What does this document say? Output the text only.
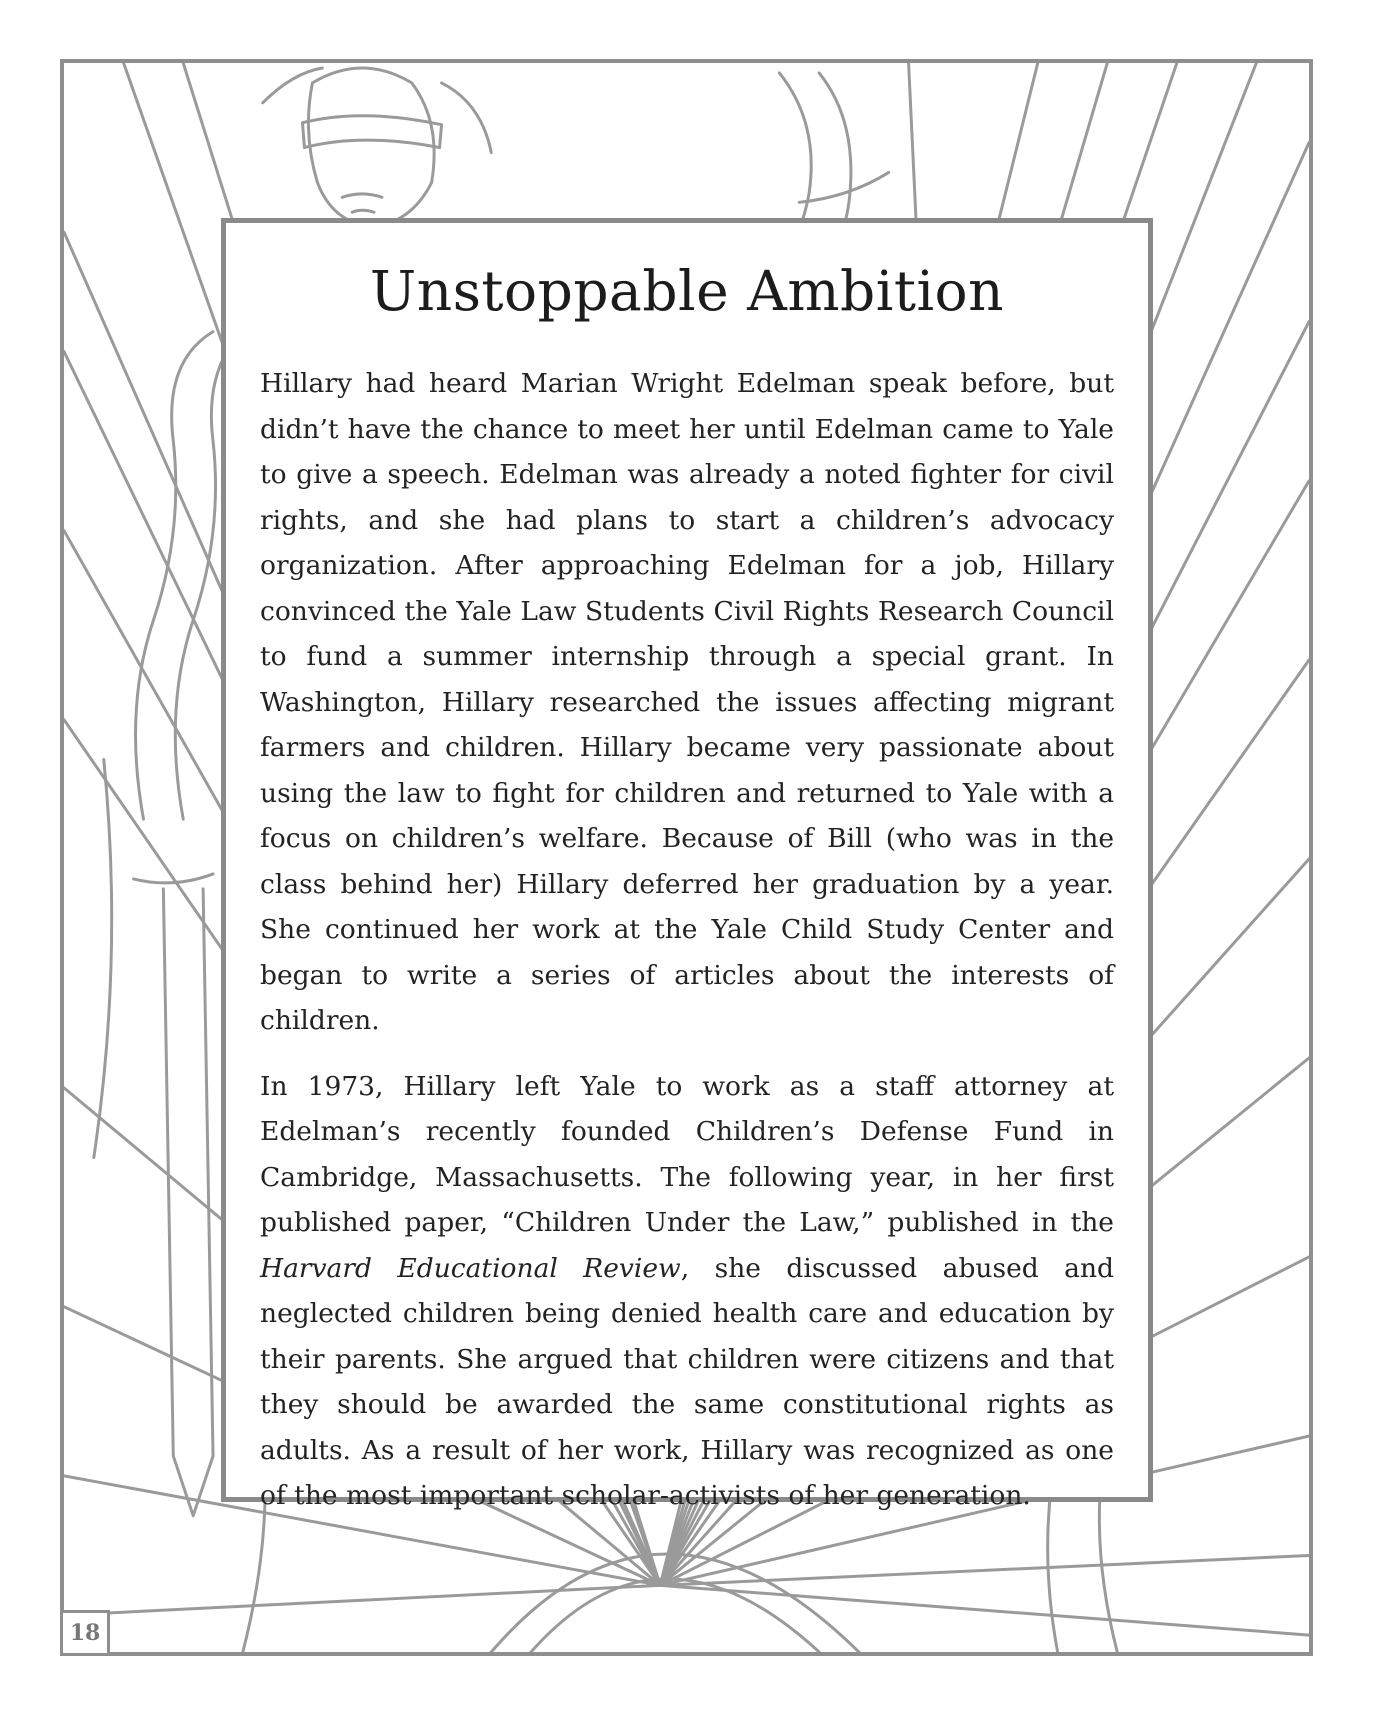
Unstoppable Ambition

Hillary had heard Marian Wright Edelman speak before, but didn’t have the chance to meet her until Edelman came to Yale to give a speech. Edelman was already a noted fighter for civil rights, and she had plans to start a children’s advocacy organization. After approaching Edelman for a job, Hillary convinced the Yale Law Students Civil Rights Research Council to fund a summer internship through a special grant. In Washington, Hillary researched the issues affecting migrant farmers and children. Hillary became very passionate about using the law to fight for children and returned to Yale with a focus on children’s welfare. Because of Bill (who was in the class behind her) Hillary deferred her graduation by a year. She continued her work at the Yale Child Study Center and began to write a series of articles about the interests of children.

In 1973, Hillary left Yale to work as a staff attorney at Edelman’s recently founded Children’s Defense Fund in Cambridge, Massachusetts. The following year, in her first published paper, “Children Under the Law,” published in the Harvard Educational Review, she discussed abused and neglected children being denied health care and education by their parents. She argued that children were citizens and that they should be awarded the same constitutional rights as adults. As a result of her work, Hillary was recognized as one of the most important scholar-activists of her generation.

18
